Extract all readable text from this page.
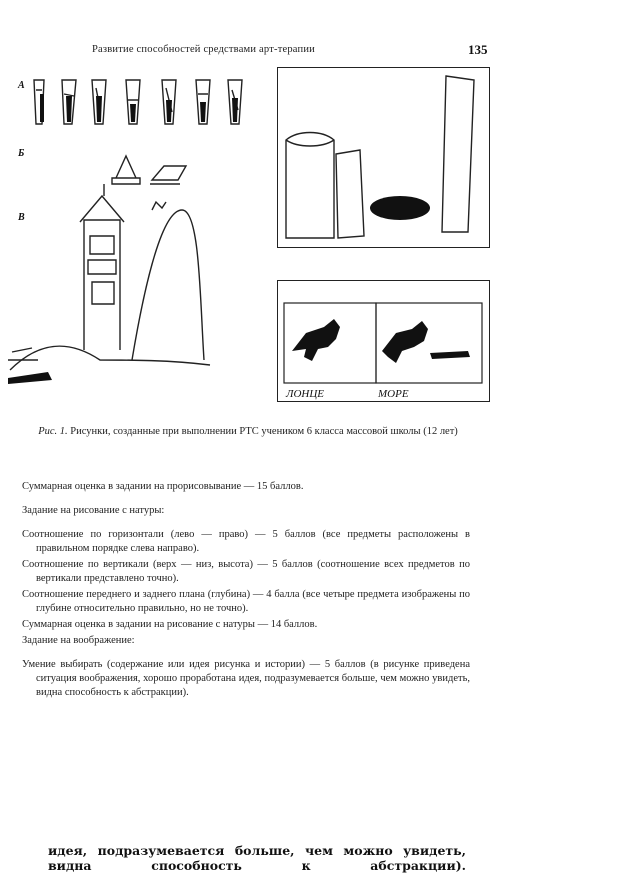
Развитие способностей средствами арт-терапии	135
А
Б
В
ЛОНЦЕ	МОРЕ
Рис. 1. Рисунки, созданные при выполнении РТС учеником 6 класса массовой школы (12 лет)

Суммарная оценка в задании на прорисовывание — 15 баллов.

Задание на рисование с натуры:

Соотношение по горизонтали (лево — право) — 5 баллов (все предметы расположены в правильном порядке слева направо).

Соотношение по вертикали (верх — низ, высота) — 5 баллов (соотношение всех предметов по вертикали представлено точно).

Соотношение переднего и заднего плана (глубина) — 4 балла (все четыре предмета изображены по глубине относительно правильно, но не точно).

Суммарная оценка в задании на рисование с натуры — 14 баллов.

Задание на воображение:

Умение выбирать (содержание или идея рисунка и истории) — 5 баллов (в рисунке приведена ситуация воображения, хорошо проработана идея, подразумевается больше, чем можно увидеть, видна способность к абстракции).

идея, подразумевается больше, чем можно увидеть, видна способность к абстракции).
